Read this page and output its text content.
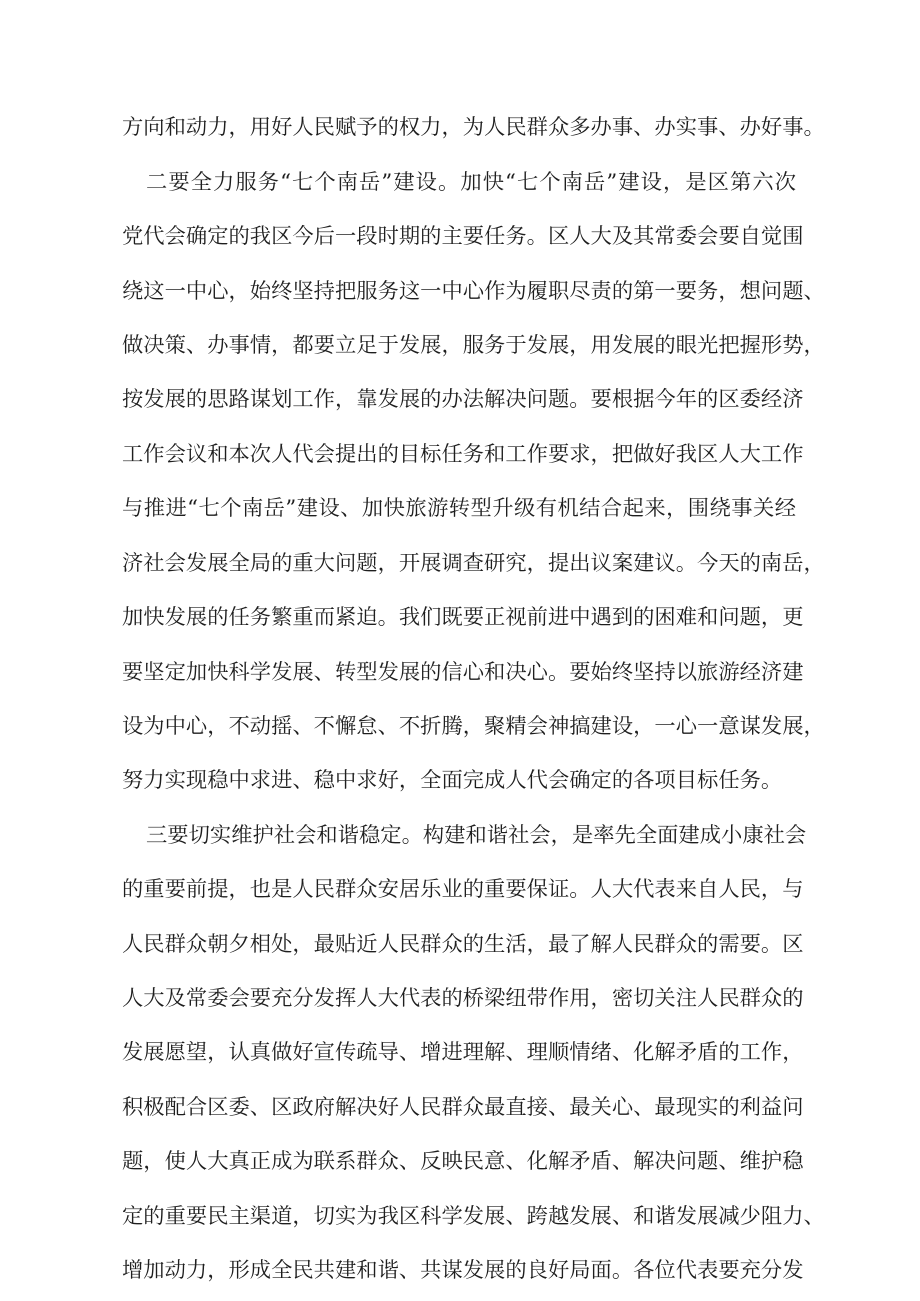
方向和动力，用好人民赋予的权力，为人民群众多办事、办实事、办好事。
二要全力服务“七个南岳”建设。加快“七个南岳”建设，是区第六次
党代会确定的我区今后一段时期的主要任务。区人大及其常委会要自觉围
绕这一中心，始终坚持把服务这一中心作为履职尽责的第一要务，想问题、
做决策、办事情，都要立足于发展，服务于发展，用发展的眼光把握形势，
按发展的思路谋划工作，靠发展的办法解决问题。要根据今年的区委经济
工作会议和本次人代会提出的目标任务和工作要求，把做好我区人大工作
与推进“七个南岳”建设、加快旅游转型升级有机结合起来，围绕事关经
济社会发展全局的重大问题，开展调查研究，提出议案建议。今天的南岳，
加快发展的任务繁重而紧迫。我们既要正视前进中遇到的困难和问题，更
要坚定加快科学发展、转型发展的信心和决心。要始终坚持以旅游经济建
设为中心，不动摇、不懈怠、不折腾，聚精会神搞建设，一心一意谋发展，
努力实现稳中求进、稳中求好，全面完成人代会确定的各项目标任务。
三要切实维护社会和谐稳定。构建和谐社会，是率先全面建成小康社会
的重要前提，也是人民群众安居乐业的重要保证。人大代表来自人民，与
人民群众朝夕相处，最贴近人民群众的生活，最了解人民群众的需要。区
人大及常委会要充分发挥人大代表的桥梁纽带作用，密切关注人民群众的
发展愿望，认真做好宣传疏导、增进理解、理顺情绪、化解矛盾的工作，
积极配合区委、区政府解决好人民群众最直接、最关心、最现实的利益问
题，使人大真正成为联系群众、反映民意、化解矛盾、解决问题、维护稳
定的重要民主渠道，切实为我区科学发展、跨越发展、和谐发展减少阻力、
增加动力，形成全民共建和谐、共谋发展的良好局面。各位代表要充分发
